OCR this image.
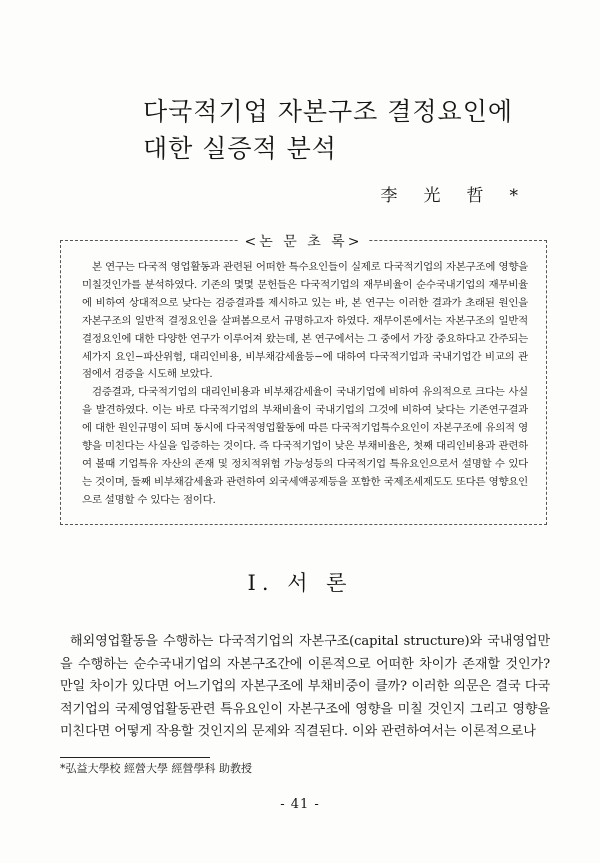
다국적기업 자본구조 결정요인에
대한 실증적 분석
李光哲*
<논 문 초 록>

본 연구는 다국적 영업활동과 관련된 어떠한 특수요인들이 실제로 다국적기업의 자본구조에 영향을 미칠것인가를 분석하였다. 기존의 몇몇 문헌들은 다국적기업의 재무비율이 순수국내기업의 재무비율에 비하여 상대적으로 낮다는 검증결과를 제시하고 있는 바, 본 연구는 이러한 결과가 초래된 원인을 자본구조의 일반적 결정요인을 살펴봄으로서 규명하고자 하였다. 재무이론에서는 자본구조의 일반적 결정요인에 대한 다양한 연구가 이루어져 왔는데, 본 연구에서는 그 중에서 가장 중요하다고 간주되는 세가지 요인−파산위험, 대리인비용, 비부채감세율등−에 대하여 다국적기업과 국내기업간 비교의 관점에서 검증을 시도해 보았다.

검증결과, 다국적기업의 대리인비용과 비부채감세율이 국내기업에 비하여 유의적으로 크다는 사실을 발견하였다. 이는 바로 다국적기업의 부채비율이 국내기업의 그것에 비하여 낮다는 기존연구결과에 대한 원인규명이 되며 동시에 다국적영업활동에 따른 다국적기업특수요인이 자본구조에 유의적 영향을 미친다는 사실을 입증하는 것이다. 즉 다국적기업이 낮은 부채비율은, 첫째 대리인비용과 관련하여 볼때 기업특유 자산의 존재 및 정치적위험 가능성등의 다국적기업 특유요인으로서 설명할 수 있다는 것이며, 둘째 비부채감세율과 관련하여 외국세액공제등을 포함한 국제조세제도도 또다른 영향요인으로 설명할 수 있다는 점이다.

Ⅰ. 서 론

해외영업활동을 수행하는 다국적기업의 자본구조(capital structure)와 국내영업만을 수행하는 순수국내기업의 자본구조간에 이론적으로 어떠한 차이가 존재할 것인가? 만일 차이가 있다면 어느기업의 자본구조에 부채비중이 클까? 이러한 의문은 결국 다국적기업의 국제영업활동관련 특유요인이 자본구조에 영향을 미칠 것인지 그리고 영향을 미친다면 어떻게 작용할 것인지의 문제와 직결된다. 이와 관련하여서는 이론적으로나

*弘益大學校 經營大學 經營學科 助教授
- 41 -
